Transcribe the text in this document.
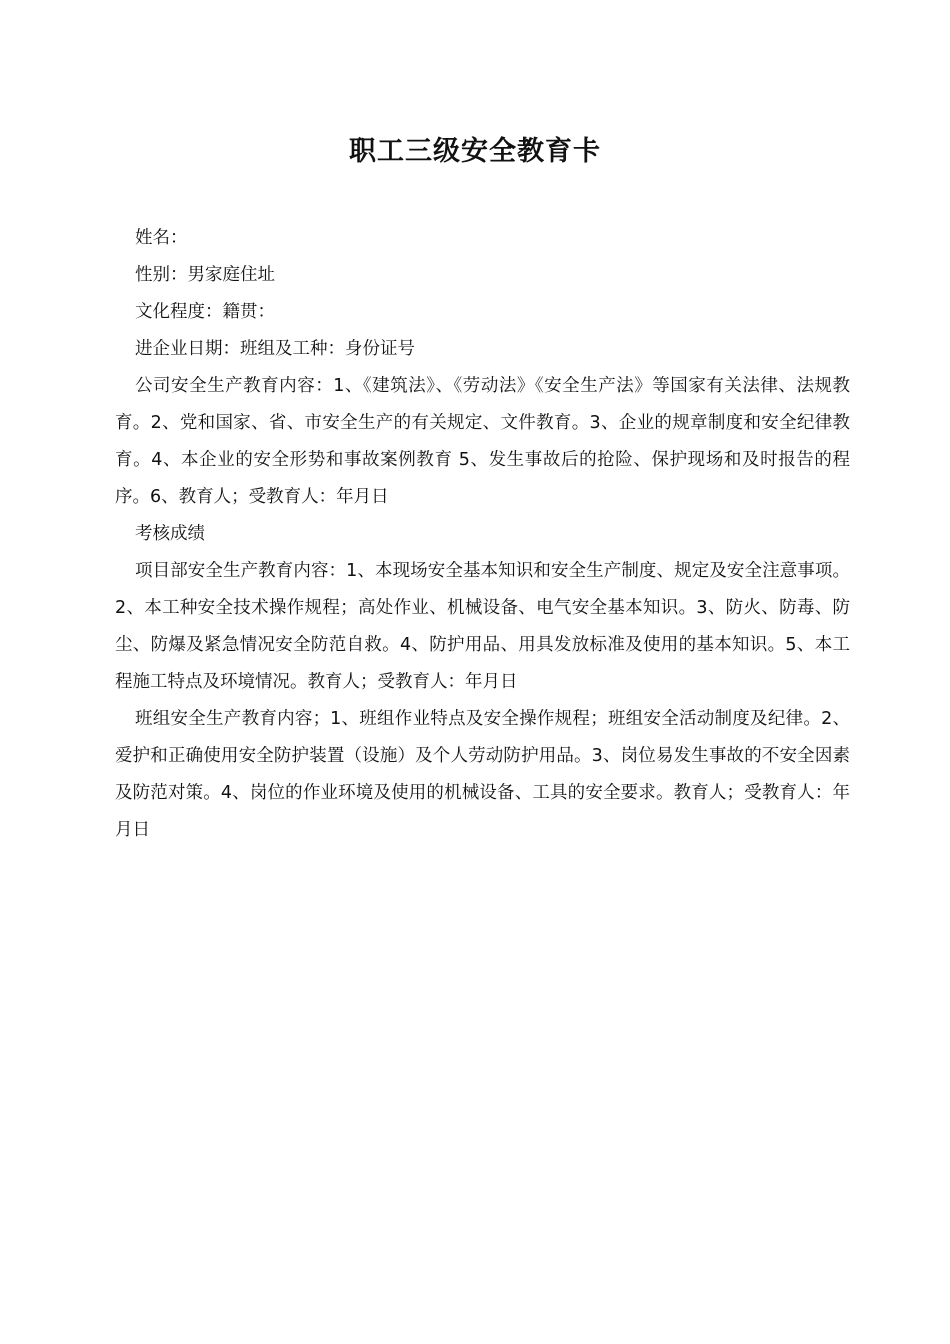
职工三级安全教育卡

姓名：

性别：男家庭住址

文化程度：籍贯：

进企业日期：班组及工种：身份证号

公司安全生产教育内容：1、《建筑法》、《劳动法》《安全生产法》等国家有关法律、法规教育。2、党和国家、省、市安全生产的有关规定、文件教育。3、企业的规章制度和安全纪律教育。4、本企业的安全形势和事故案例教育 5、发生事故后的抢险、保护现场和及时报告的程序。6、教育人；受教育人：年月日

考核成绩

项目部安全生产教育内容：1、本现场安全基本知识和安全生产制度、规定及安全注意事项。2、本工种安全技术操作规程；高处作业、机械设备、电气安全基本知识。3、防火、防毒、防尘、防爆及紧急情况安全防范自救。4、防护用品、用具发放标准及使用的基本知识。5、本工程施工特点及环境情况。教育人；受教育人：年月日

班组安全生产教育内容；1、班组作业特点及安全操作规程；班组安全活动制度及纪律。2、爱护和正确使用安全防护装置（设施）及个人劳动防护用品。3、岗位易发生事故的不安全因素及防范对策。4、岗位的作业环境及使用的机械设备、工具的安全要求。教育人；受教育人：年月日
